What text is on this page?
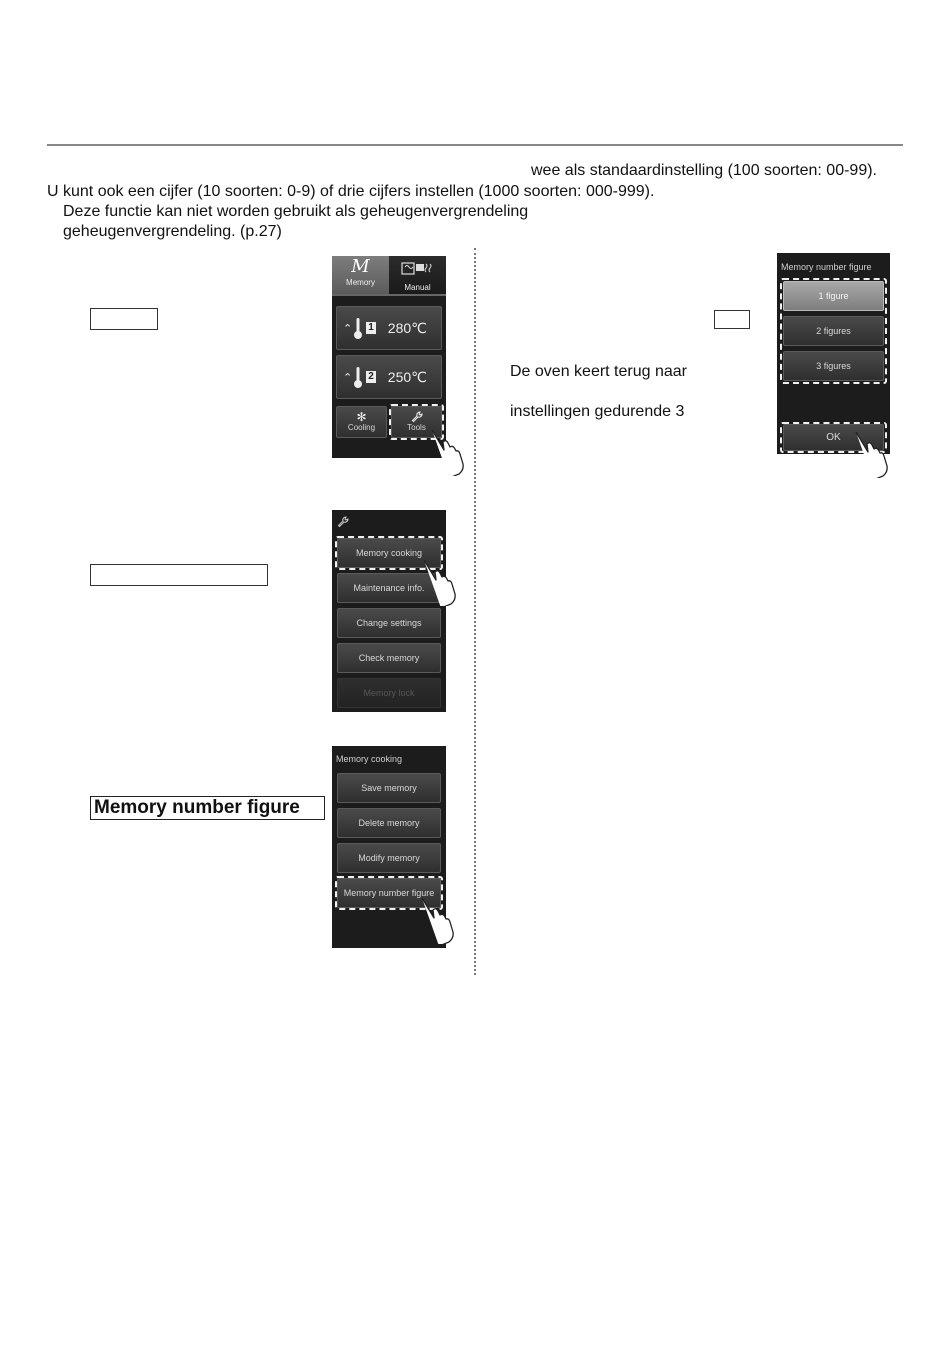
wee als standaardinstelling (100 soorten: 00-99).
U kunt ook een cijfer (10 soorten: 0-9) of drie cijfers instellen (1000 soorten: 000-999).
Deze functie kan niet worden gebruikt als geheugenvergrendeling
geheugenvergrendeling. (p.27)
Memory number figure
De oven keert terug naar
instellingen gedurende 3
M
Memory
Manual
⌃ 1 280℃
⌃ 2 250℃
✻
Cooling	Tools
Memory cooking
Maintenance info.
Change settings
Check memory
Memory lock
Memory cooking
Save memory
Delete memory
Modify memory
Memory number figure
Memory number figure
1 figure
2 figures
3 figures
OK
